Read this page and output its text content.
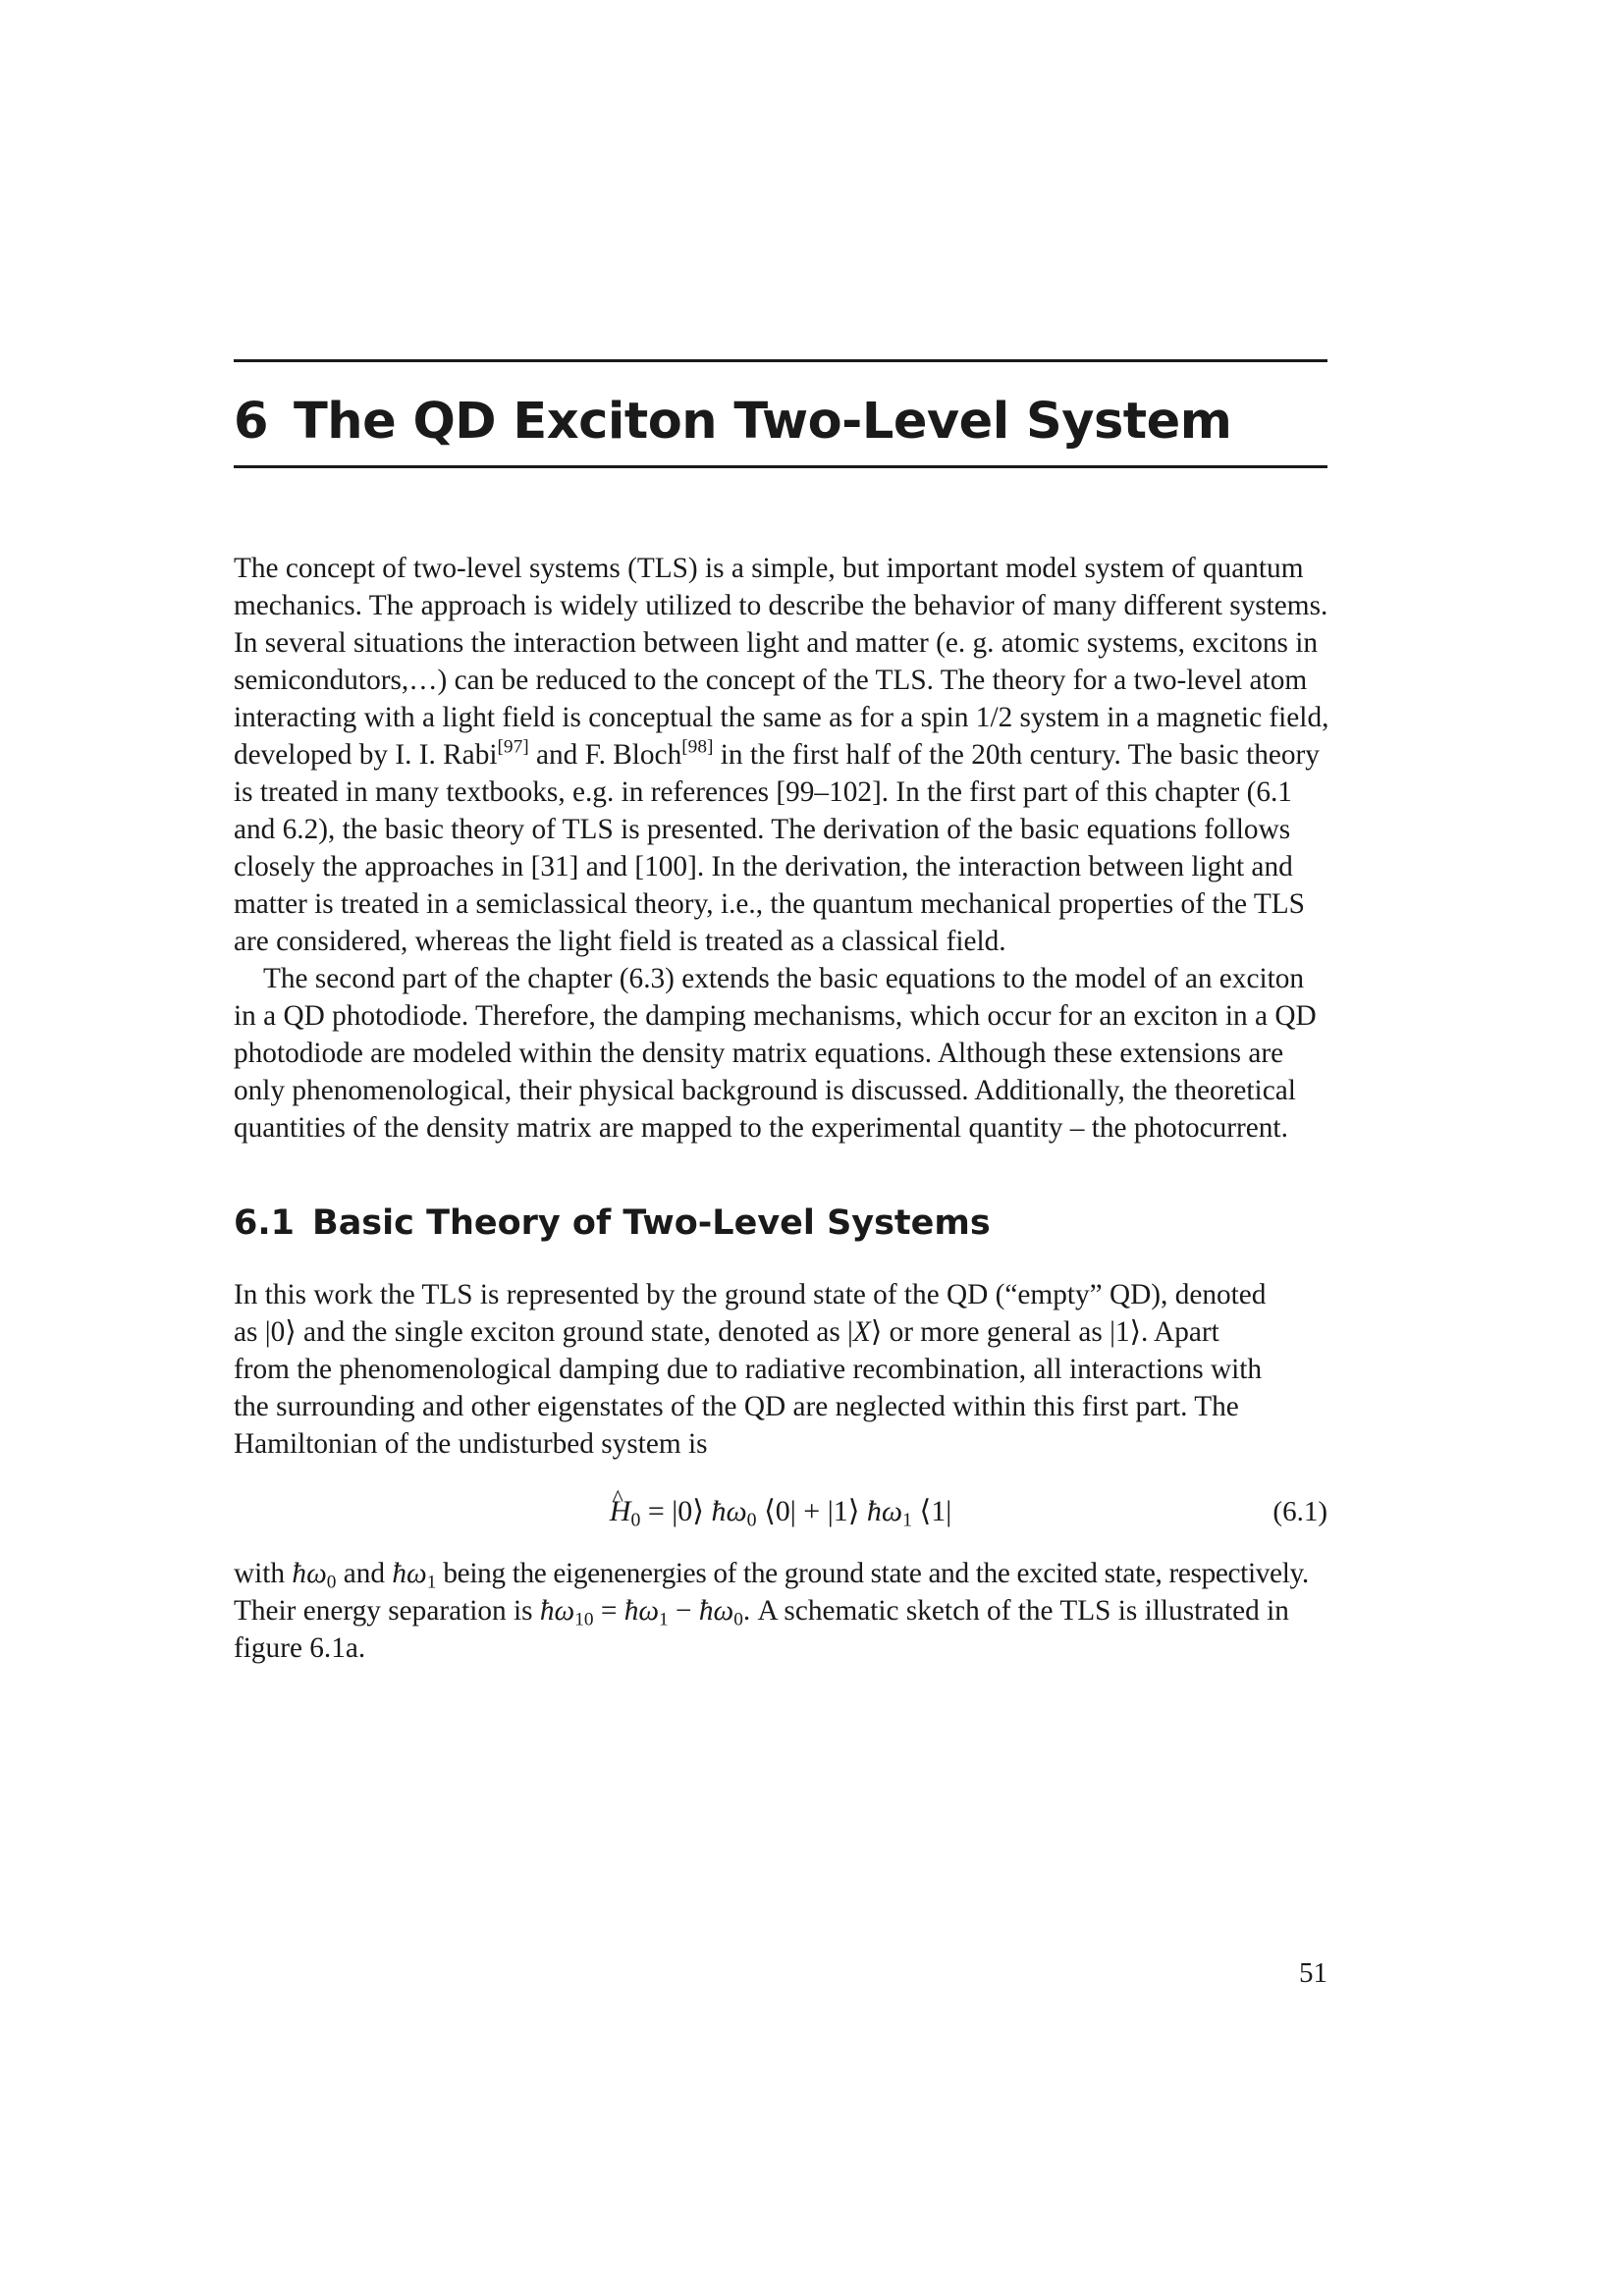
6 The QD Exciton Two-Level System

The concept of two-level systems (TLS) is a simple, but important model system of quantum
mechanics. The approach is widely utilized to describe the behavior of many different systems.
In several situations the interaction between light and matter (e. g. atomic systems, excitons in
semicondutors,…) can be reduced to the concept of the TLS. The theory for a two-level atom
interacting with a light field is conceptual the same as for a spin 1/2 system in a magnetic field,
developed by I. I. Rabi[97] and F. Bloch[98] in the first half of the 20th century. The basic theory
is treated in many textbooks, e.g. in references [99–102]. In the first part of this chapter (6.1
and 6.2), the basic theory of TLS is presented. The derivation of the basic equations follows
closely the approaches in [31] and [100]. In the derivation, the interaction between light and
matter is treated in a semiclassical theory, i.e., the quantum mechanical properties of the TLS
are considered, whereas the light field is treated as a classical field.

The second part of the chapter (6.3) extends the basic equations to the model of an exciton
in a QD photodiode. Therefore, the damping mechanisms, which occur for an exciton in a QD
photodiode are modeled within the density matrix equations. Although these extensions are
only phenomenological, their physical background is discussed. Additionally, the theoretical
quantities of the density matrix are mapped to the experimental quantity – the photocurrent.

6.1 Basic Theory of Two-Level Systems

In this work the TLS is represented by the ground state of the QD (“empty” QD), denoted
as |0⟩ and the single exciton ground state, denoted as |X⟩ or more general as |1⟩. Apart
from the phenomenological damping due to radiative recombination, all interactions with
the surrounding and other eigenstates of the QD are neglected within this first part. The
Hamiltonian of the undisturbed system is

^ $H_0$ = |0⟩ $ħ\omega_0$ ⟨0| + |1⟩ $ħ\omega_1$ ⟨1|	(6.1)

with $ħ\omega_0$ and $ħ\omega_1$ being the eigenenergies of the ground state and the excited state, respectively.
Their energy separation is $ħ\omega_{10}$ = $ħ\omega_1$ − $ħ\omega_0$. A schematic sketch of the TLS is illustrated in
figure 6.1a.

51
